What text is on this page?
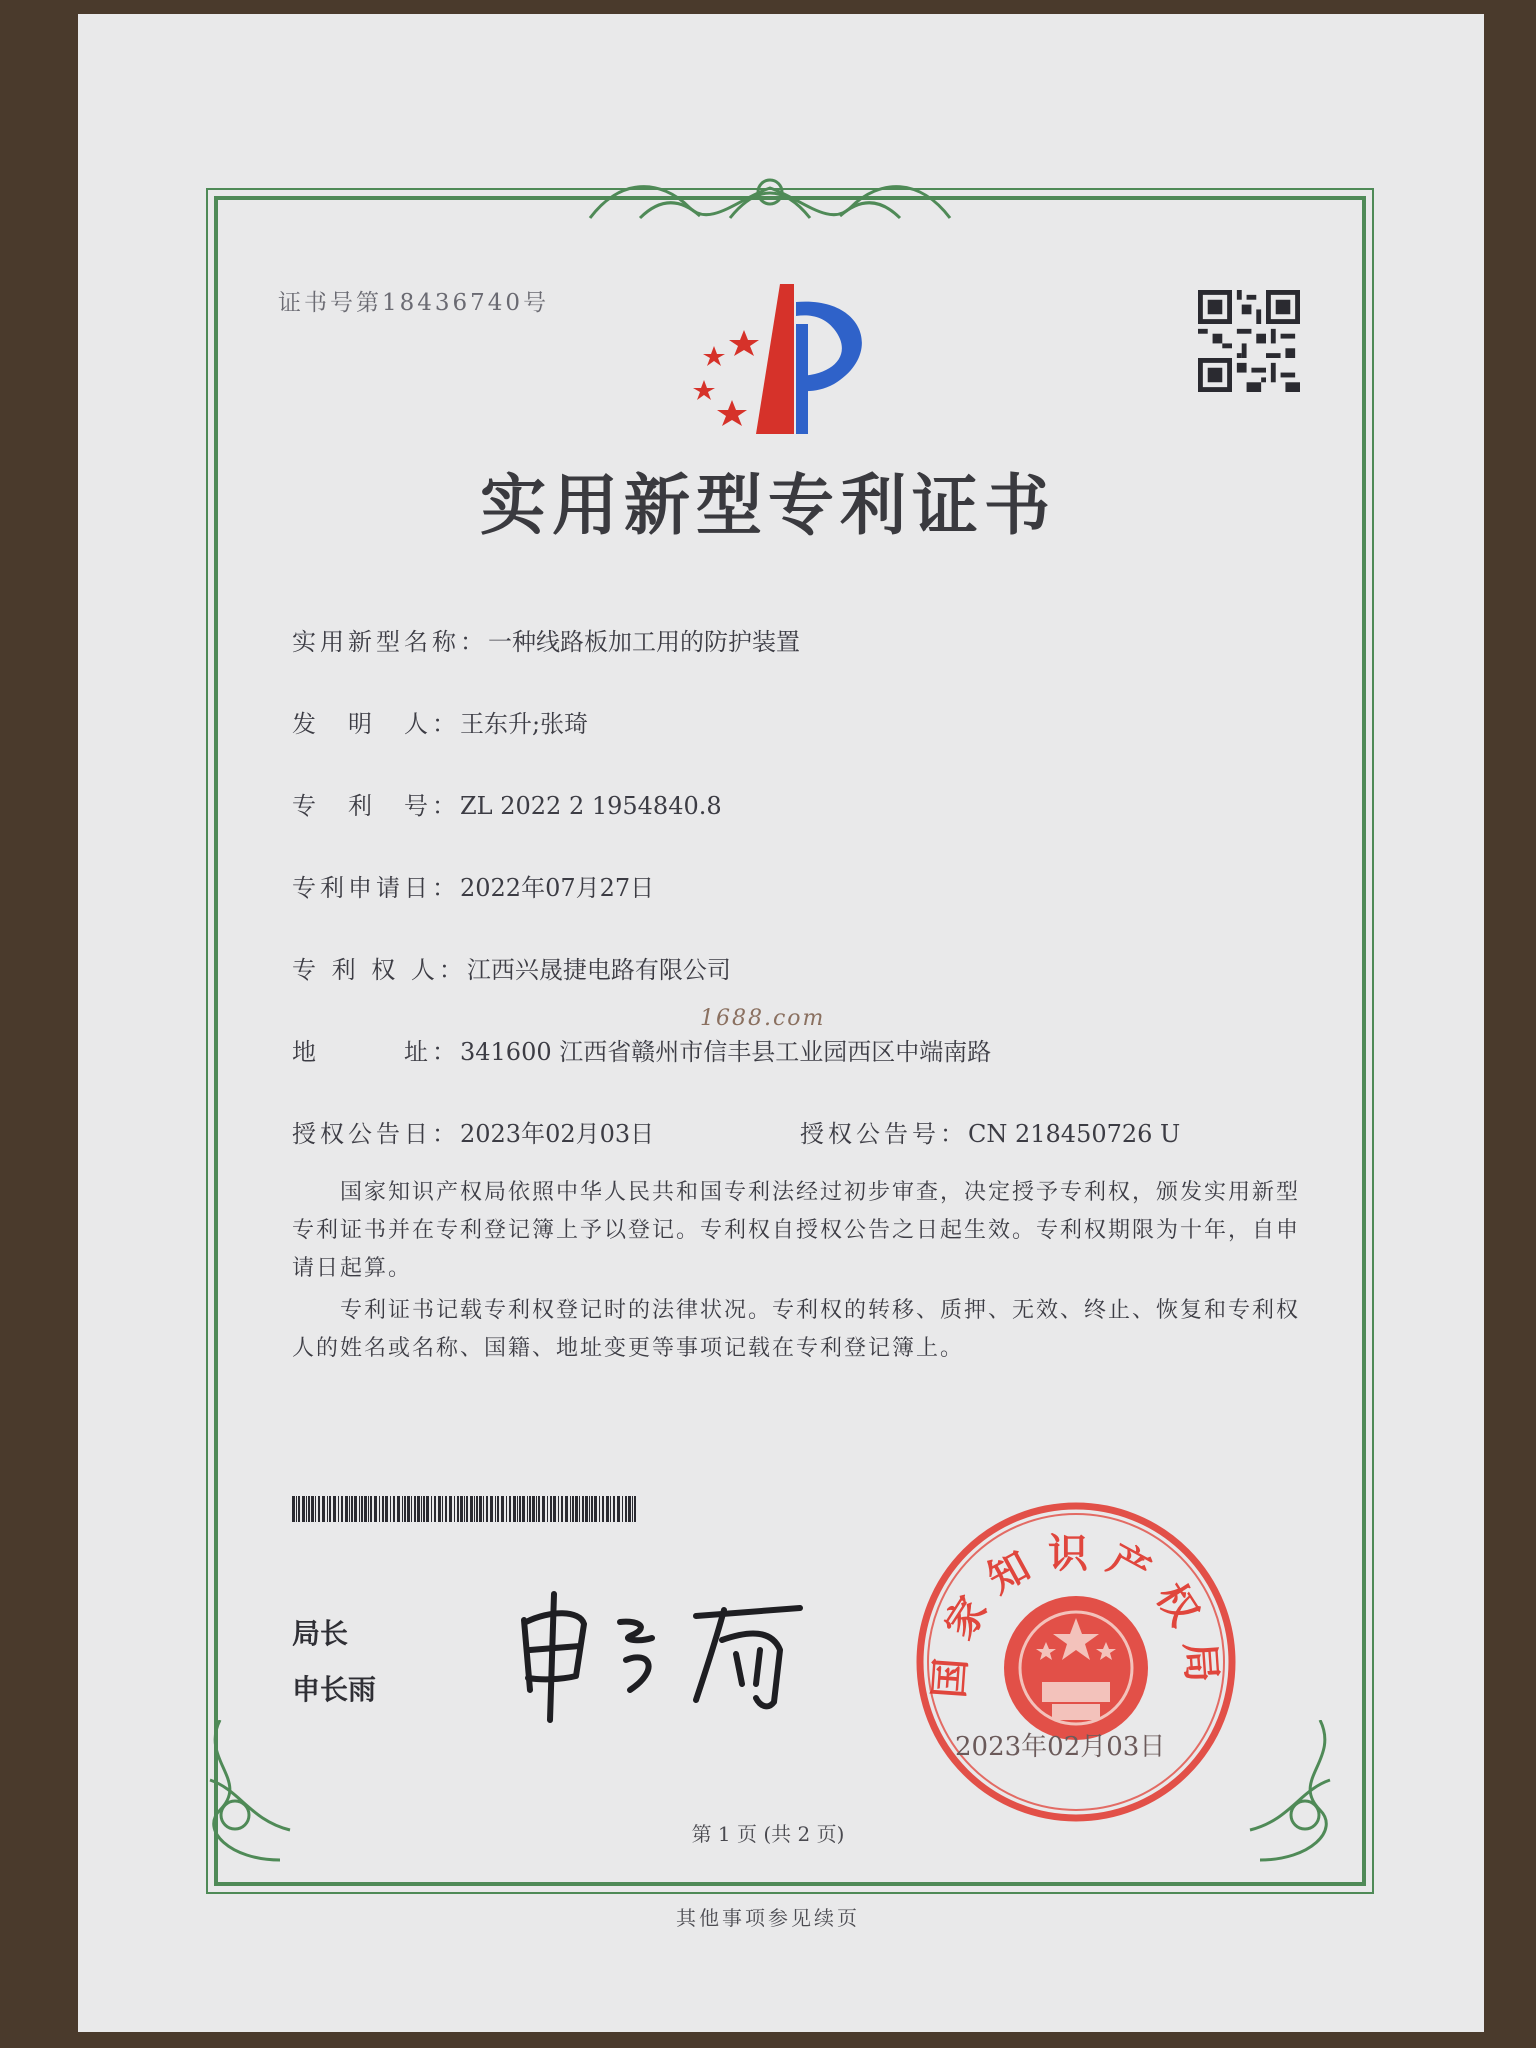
证书号第18436740号
实用新型专利证书
实用新型名称：一种线路板加工用的防护装置
发　明　人：王东升;张琦
专　利　号：ZL 2022 2 1954840.8
专利申请日：2022年07月27日
专 利 权 人：江西兴晟捷电路有限公司
1688.com
地　　　址：341600 江西省赣州市信丰县工业园西区中端南路
授权公告日：2023年02月03日	授权公告号：CN 218450726 U
国家知识产权局依照中华人民共和国专利法经过初步审查，决定授予专利权，颁发实用新型专利证书并在专利登记簿上予以登记。专利权自授权公告之日起生效。专利权期限为十年，自申请日起算。
专利证书记载专利权登记时的法律状况。专利权的转移、质押、无效、终止、恢复和专利权人的姓名或名称、国籍、地址变更等事项记载在专利登记簿上。
局长
申长雨	国家知识产权局
2023年02月03日
第 1 页 (共 2 页)
其他事项参见续页
